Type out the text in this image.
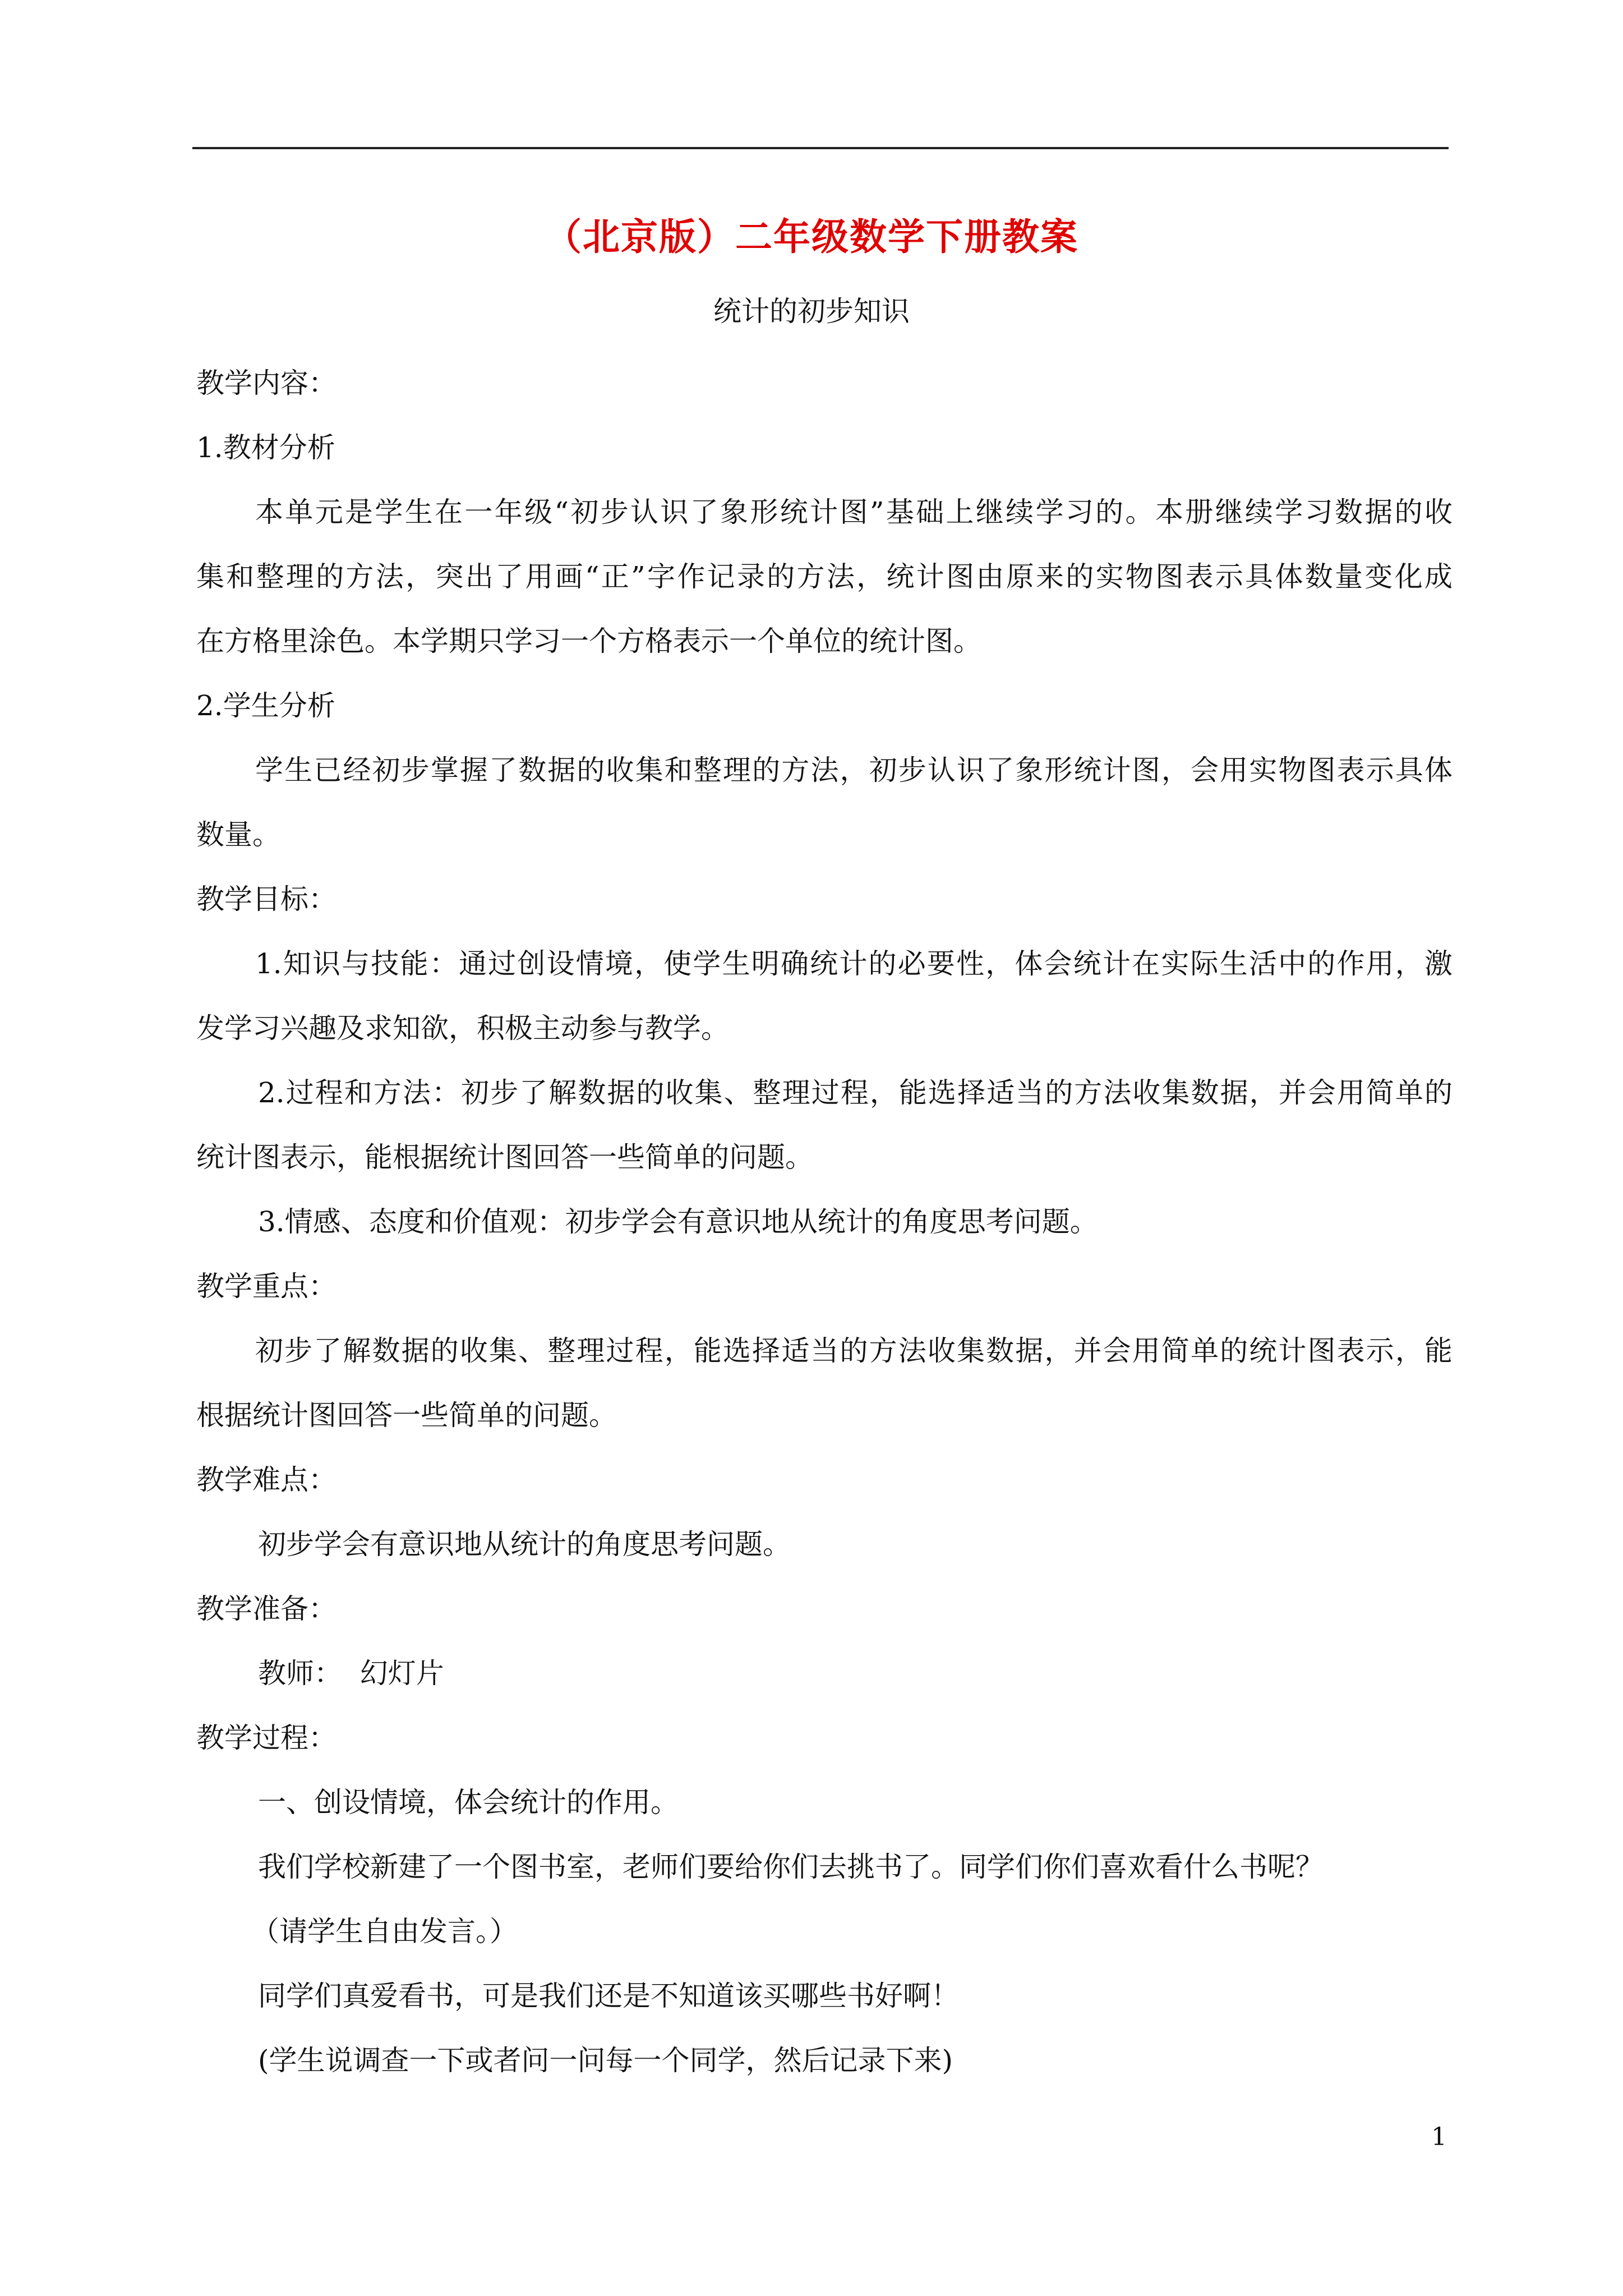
（北京版）二年级数学下册教案
统计的初步知识
教学内容：
1.教材分析
本单元是学生在一年级“初步认识了象形统计图”基础上继续学习的。本册继续学习数据的收
集和整理的方法，突出了用画“正”字作记录的方法，统计图由原来的实物图表示具体数量变化成
在方格里涂色。本学期只学习一个方格表示一个单位的统计图。
2.学生分析
学生已经初步掌握了数据的收集和整理的方法，初步认识了象形统计图，会用实物图表示具体
数量。
教学目标：
1.知识与技能：通过创设情境，使学生明确统计的必要性，体会统计在实际生活中的作用，激
发学习兴趣及求知欲，积极主动参与教学。
2.过程和方法：初步了解数据的收集、整理过程，能选择适当的方法收集数据，并会用简单的
统计图表示，能根据统计图回答一些简单的问题。
3.情感、态度和价值观：初步学会有意识地从统计的角度思考问题。
教学重点：
初步了解数据的收集、整理过程，能选择适当的方法收集数据，并会用简单的统计图表示，能
根据统计图回答一些简单的问题。
教学难点：
初步学会有意识地从统计的角度思考问题。
教学准备：
教师：  幻灯片
教学过程：
一、创设情境，体会统计的作用。
我们学校新建了一个图书室，老师们要给你们去挑书了。同学们你们喜欢看什么书呢？
（请学生自由发言。）
同学们真爱看书，可是我们还是不知道该买哪些书好啊！
(学生说调查一下或者问一问每一个同学，然后记录下来)
1
